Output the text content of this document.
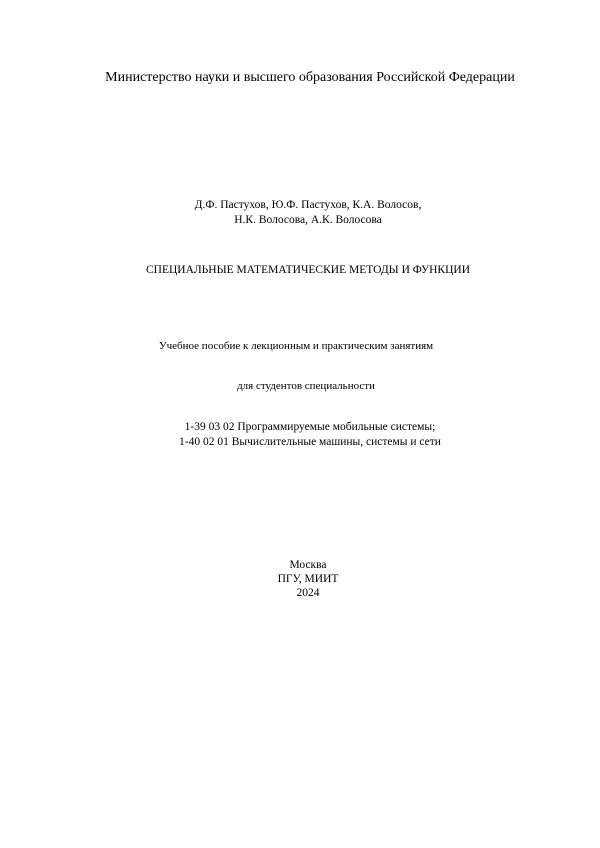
Министерство науки и высшего образования Российской Федерации
Д.Ф. Пастухов, Ю.Ф. Пастухов, К.А. Волосов,
Н.К. Волосова, А.К. Волосова
СПЕЦИАЛЬНЫЕ МАТЕМАТИЧЕСКИЕ МЕТОДЫ И ФУНКЦИИ
Учебное пособие к лекционным и практическим занятиям
для студентов специальности
1-39 03 02 Программируемые мобильные системы;
1-40 02 01 Вычислительные машины, системы и сети
Москва
ПГУ, МИИТ
2024
